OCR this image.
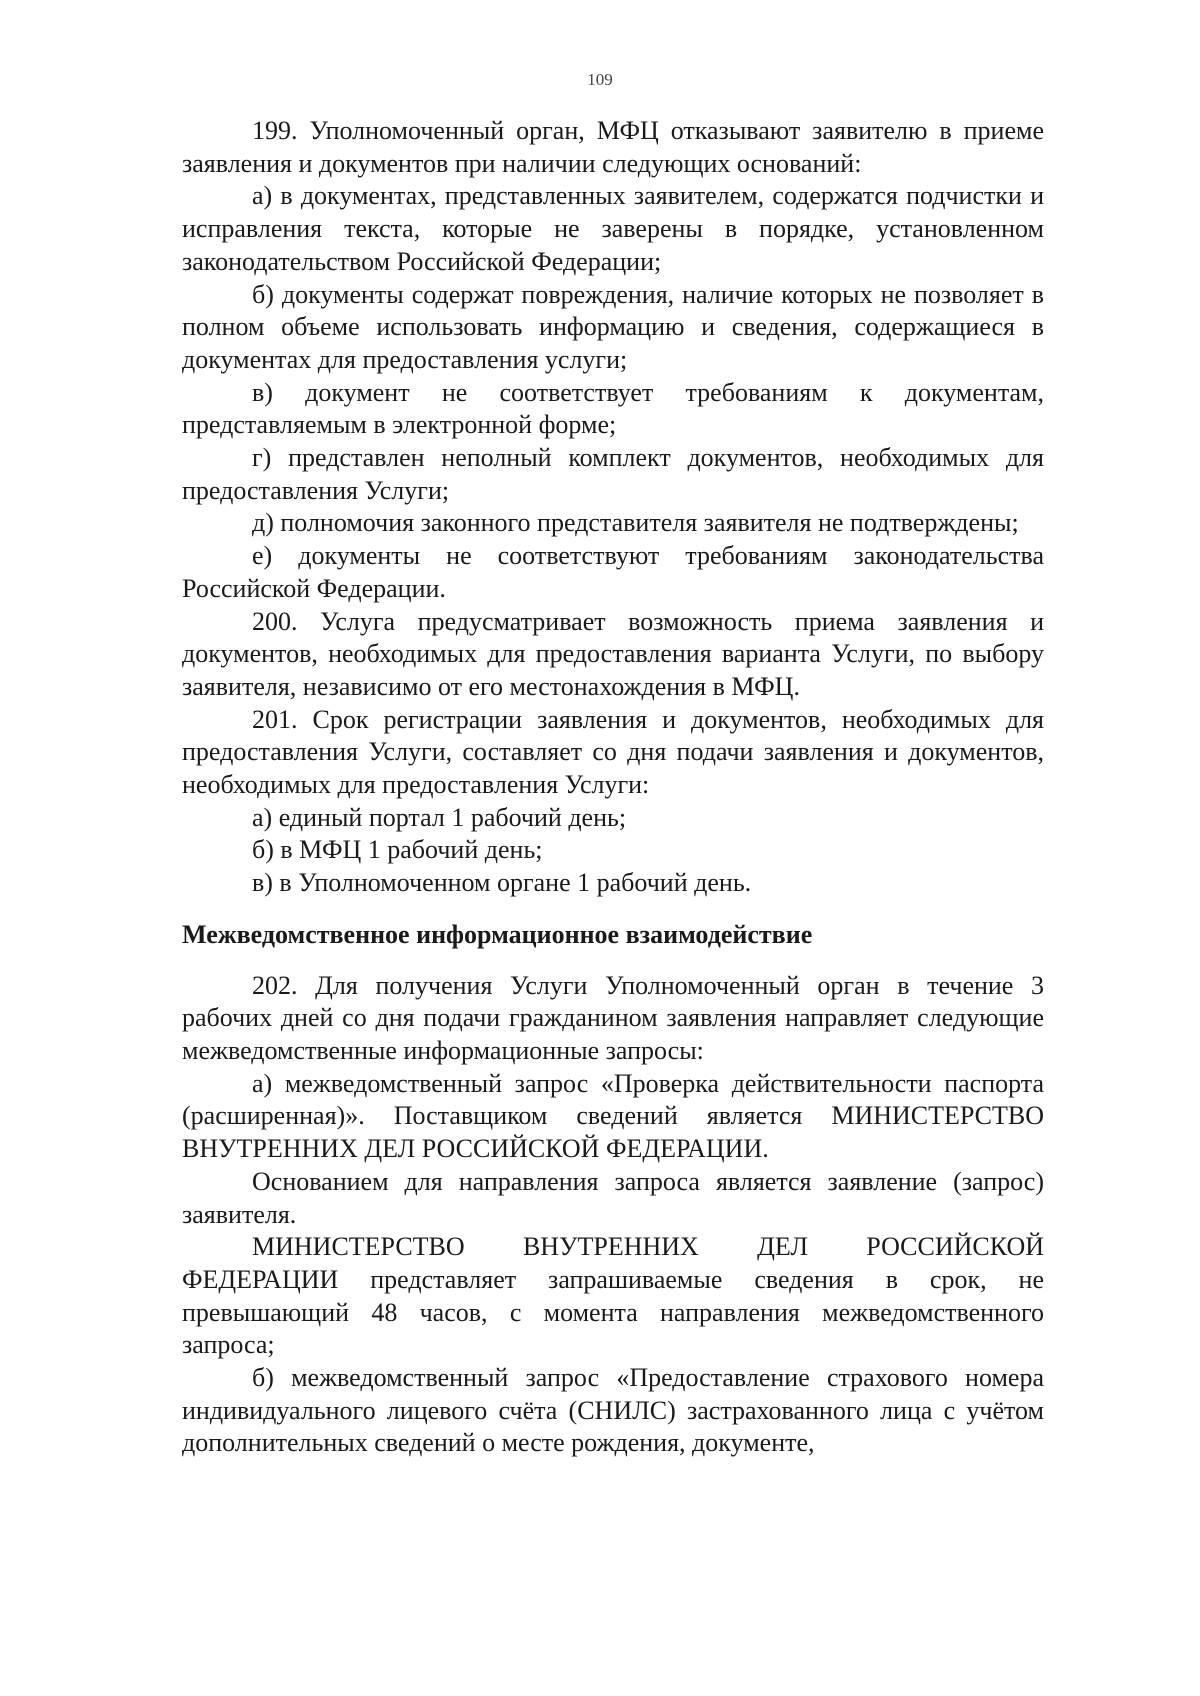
109

199. Уполномоченный орган, МФЦ отказывают заявителю в приеме заявления и документов при наличии следующих оснований:

а) в документах, представленных заявителем, содержатся подчистки и исправления текста, которые не заверены в порядке, установленном законодательством Российской Федерации;

б) документы содержат повреждения, наличие которых не позволяет в полном объеме использовать информацию и сведения, содержащиеся в документах для предоставления услуги;

в) документ не соответствует требованиям к документам, представляемым в электронной форме;

г) представлен неполный комплект документов, необходимых для предоставления Услуги;

д) полномочия законного представителя заявителя не подтверждены;

е) документы не соответствуют требованиям законодательства Российской Федерации.

200. Услуга предусматривает возможность приема заявления и документов, необходимых для предоставления варианта Услуги, по выбору заявителя, независимо от его местонахождения в МФЦ.

201. Срок регистрации заявления и документов, необходимых для предоставления Услуги, составляет со дня подачи заявления и документов, необходимых для предоставления Услуги:

а) единый портал 1 рабочий день;

б) в МФЦ 1 рабочий день;

в) в Уполномоченном органе 1 рабочий день.

Межведомственное информационное взаимодействие

202. Для получения Услуги Уполномоченный орган в течение 3 рабочих дней со дня подачи гражданином заявления направляет следующие межведомственные информационные запросы:

а) межведомственный запрос «Проверка действительности паспорта (расширенная)». Поставщиком сведений является МИНИСТЕРСТВО ВНУТРЕННИХ ДЕЛ РОССИЙСКОЙ ФЕДЕРАЦИИ.

Основанием для направления запроса является заявление (запрос) заявителя.

МИНИСТЕРСТВО ВНУТРЕННИХ ДЕЛ РОССИЙСКОЙ ФЕДЕРАЦИИ представляет запрашиваемые сведения в срок, не превышающий 48 часов, с момента направления межведомственного запроса;

б) межведомственный запрос «Предоставление страхового номера индивидуального лицевого счёта (СНИЛС) застрахованного лица с учётом дополнительных сведений о месте рождения, документе,
